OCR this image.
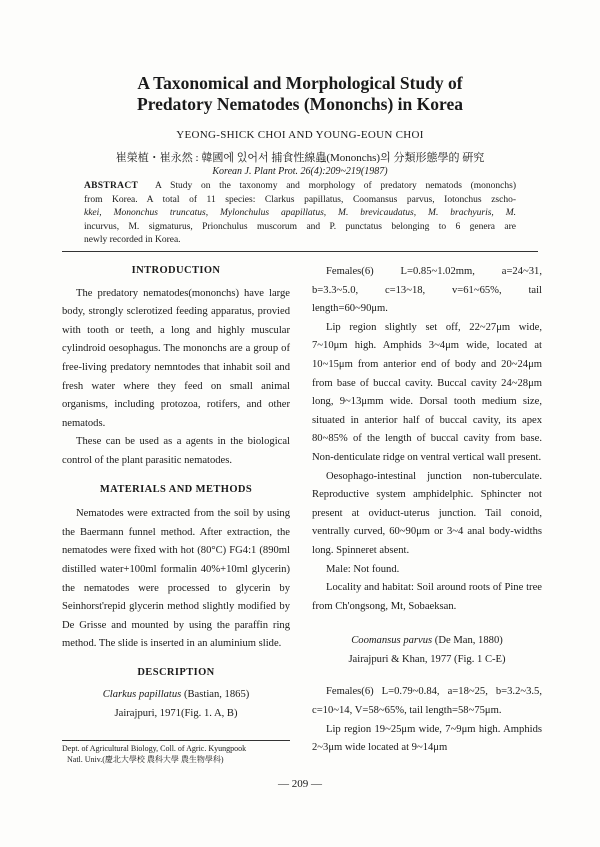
A Taxonomical and Morphological Study of
Predatory Nematodes (Mononchs) in Korea
YEONG-SHICK CHOI AND YOUNG-EOUN CHOI
崔榮植・崔永然 : 韓國에 있어서 捕食性線蟲(Mononchs)의 分類形態學的 硏究
Korean J. Plant Prot. 26(4):209~219(1987)
ABSTRACT A Study on the taxonomy and morphology of predatory nematods (mononchs)
from Korea. A total of 11 species: Clarkus papillatus, Coomansus parvus, Iotonchus zscho-
kkei, Mononchus truncatus, Mylonchulus apapillatus, M. brevicaudatus, M. brachyuris, M.
incurvus, M. sigmaturus, Prionchulus muscorum and P. punctatus belonging to 6 genera are
newly recorded in Korea.
INTRODUCTION

The predatory nematodes(mononchs) have large body, strongly sclerotized feeding apparatus, provied with tooth or teeth, a long and highly muscular cylindroid oesophagus. The mononchs are a group of free-living predatory nemntodes that inhabit soil and fresh water where they feed on small animal organisms, including protozoa, rotifers, and other nematods.

These can be used as a agents in the biological control of the plant parasitic nematodes.

MATERIALS AND METHODS

Nematodes were extracted from the soil by using the Baermann funnel method. After extraction, the nematodes were fixed with hot (80°C) FG4:1 (890ml distilled water+100ml formalin 40%+10ml glycerin) the nematodes were processed to glycerin by Seinhorst'repid glycerin method slightly modified by De Grisse and mounted by using the paraffin ring method. The slide is inserted in an aluminium slide.

DESCRIPTION
Clarkus papillatus (Bastian, 1865)
Jairajpuri, 1971(Fig. 1. A, B)
Dept. of Agricultural Biology, Coll. of Agric. Kyungpook
Natl. Univ.(慶北大學校 農科大學 農生物學科)

Females(6) L=0.85~1.02mm, a=24~31, b=3.3~5.0, c=13~18, v=61~65%, tail length=60~90μm.

Lip region slightly set off, 22~27μm wide, 7~10μm high. Amphids 3~4μm wide, located at 10~15μm from anterior end of body and 20~24μm from base of buccal cavity. Buccal cavity 24~28μm long, 9~13μmm wide. Dorsal tooth medium size, situated in anterior half of buccal cavity, its apex 80~85% of the length of buccal cavity from base. Non-denticulate ridge on ventral vertical wall present.

Oesophago-intestinal junction non-tuberculate. Reproductive system amphidelphic. Sphincter not present at oviduct-uterus junction. Tail conoid, ventrally curved, 60~90μm or 3~4 anal body-widths long. Spinneret absent.

Male: Not found.

Locality and habitat: Soil around roots of Pine tree from Ch'ongsong, Mt, Sobaeksan.

Coomansus parvus (De Man, 1880)
Jairajpuri & Khan, 1977 (Fig. 1 C-E)

Females(6) L=0.79~0.84, a=18~25, b=3.2~3.5, c=10~14, V=58~65%, tail length=58~75μm.

Lip region 19~25μm wide, 7~9μm high. Amphids 2~3μm wide located at 9~14μm

— 209 —
